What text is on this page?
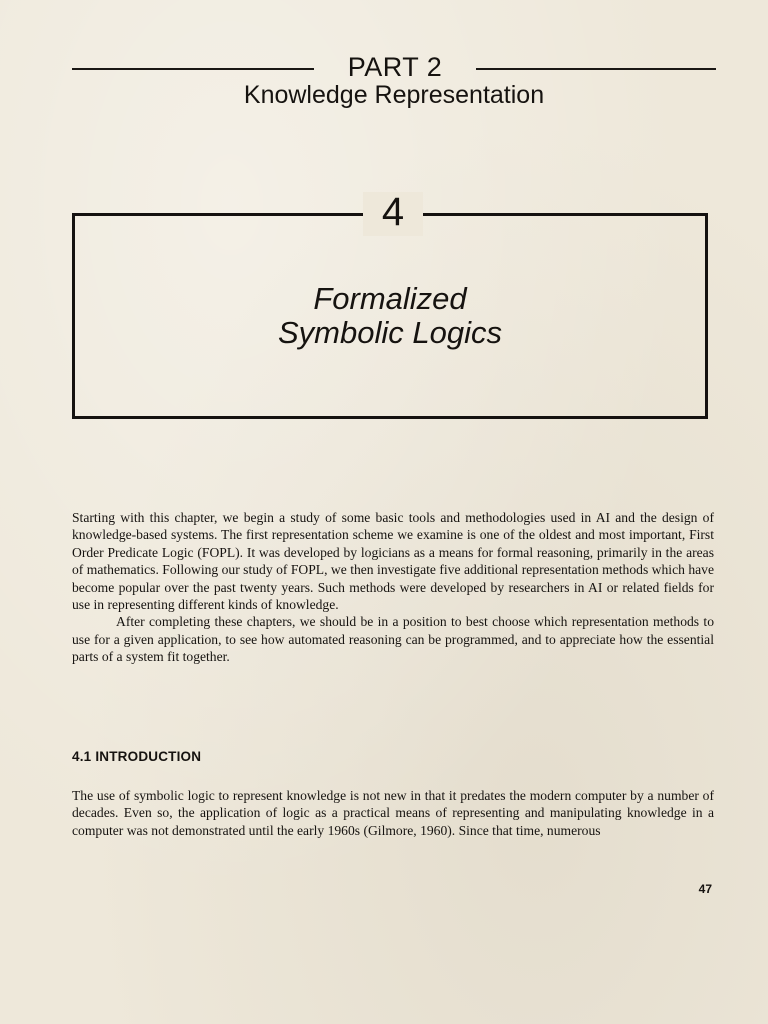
PART 2
Knowledge Representation
4
Formalized
Symbolic Logics

Starting with this chapter, we begin a study of some basic tools and methodologies used in AI and the design of knowledge-based systems. The first representation scheme we examine is one of the oldest and most important, First Order Predicate Logic (FOPL). It was developed by logicians as a means for formal reasoning, primarily in the areas of mathematics. Following our study of FOPL, we then investigate five additional representation methods which have become popular over the past twenty years. Such methods were developed by researchers in AI or related fields for use in representing different kinds of knowledge.

After completing these chapters, we should be in a position to best choose which representation methods to use for a given application, to see how automated reasoning can be programmed, and to appreciate how the essential parts of a system fit together.

4.1 INTRODUCTION

The use of symbolic logic to represent knowledge is not new in that it predates the modern computer by a number of decades. Even so, the application of logic as a practical means of representing and manipulating knowledge in a computer was not demonstrated until the early 1960s (Gilmore, 1960). Since that time, numerous

47
